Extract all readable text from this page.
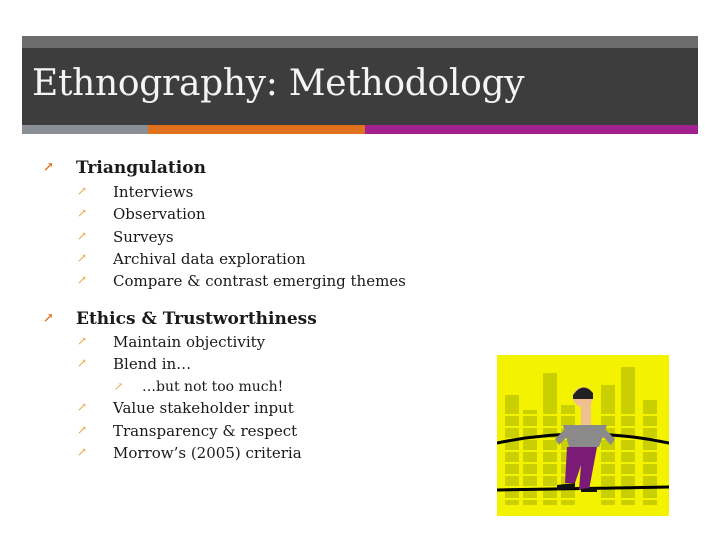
Ethnography: Methodology
↗ Triangulation
↗ Interviews
↗ Observation
↗ Surveys
↗ Archival data exploration
↗ Compare & contrast emerging themes
↗ Ethics & Trustworthiness
↗ Maintain objectivity
↗ Blend in…
↗ …but not too much!
↗ Value stakeholder input
↗ Transparency & respect
↗ Morrow’s (2005) criteria
